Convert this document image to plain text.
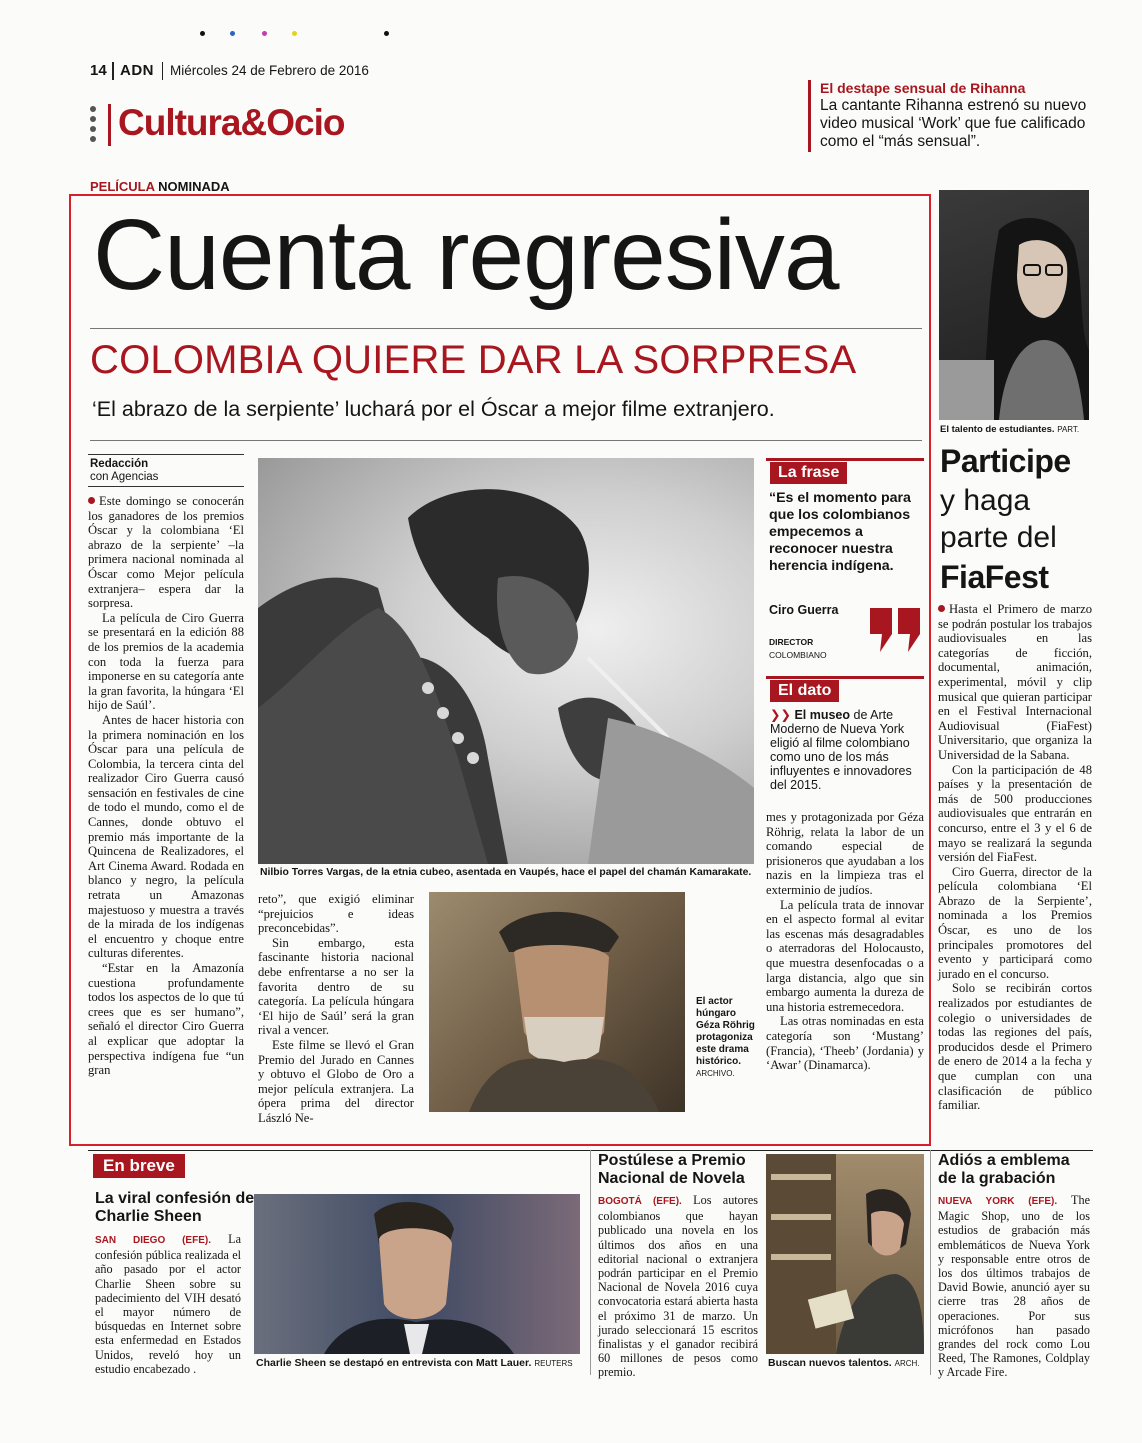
14 ADN Miércoles 24 de Febrero de 2016
Cultura&Ocio
El destape sensual de Rihanna
La cantante Rihanna estrenó su nuevo video musical ‘Work’ que fue calificado como el “más sensual”.
PELÍCULA NOMINADA
Cuenta regresiva
COLOMBIA QUIERE DAR LA SORPRESA
‘El abrazo de la serpiente’ luchará por el Óscar a mejor filme extranjero.
Redacción
con Agencias

Este domingo se conocerán los ganadores de los premios Óscar y la colombiana ‘El abrazo de la serpiente’ –la primera nacional nominada al Óscar como Mejor película extranjera– espera dar la sorpresa.

La película de Ciro Guerra se presentará en la edición 88 de los premios de la academia con toda la fuerza para imponerse en su categoría ante la gran favorita, la húngara ‘El hijo de Saúl’.

Antes de hacer historia con la primera nominación en los Óscar para una película de Colombia, la tercera cinta del realizador Ciro Guerra causó sensación en festivales de cine de todo el mundo, como el de Cannes, donde obtuvo el premio más importante de la Quincena de Realizadores, el Art Cinema Award. Rodada en blanco y negro, la película retrata un Amazonas majestuoso y muestra a través de la mirada de los indígenas el encuentro y choque entre culturas diferentes.

“Estar en la Amazonía cuestiona profundamente todos los aspectos de lo que tú crees que es ser humano”, señaló el director Ciro Guerra al explicar que adoptar la perspectiva indígena fue “un gran

Nilbio Torres Vargas, de la etnia cubeo, asentada en Vaupés, hace el papel del chamán Kamarakate.

reto”, que exigió eliminar “prejuicios e ideas preconcebidas”.

Sin embargo, esta fascinante historia nacional debe enfrentarse a no ser la favorita dentro de su categoría. La película húngara ‘El hijo de Saúl’ será la gran rival a vencer.

Este filme se llevó el Gran Premio del Jurado en Cannes y obtuvo el Globo de Oro a mejor película extranjera. La ópera prima del director László Ne-

El actor húngaro Géza Röhrig protagoniza este drama histórico. ARCHIVO.

mes y protagonizada por Géza Röhrig, relata la labor de un comando especial de prisioneros que ayudaban a los nazis en la limpieza tras el exterminio de judíos.

La película trata de innovar en el aspecto formal al evitar las escenas más desagradables o aterradoras del Holocausto, que muestra desenfocadas o a larga distancia, algo que sin embargo aumenta la dureza de una historia estremecedora.

Las otras nominadas en esta categoría son ‘Mustang’ (Francia), ‘Theeb’ (Jordania) y ‘Awar’ (Dinamarca).

La frase
“Es el momento para que los colombianos empecemos a reconocer nuestra herencia indígena.
Ciro Guerra
DIRECTOR
COLOMBIANO
El dato
❯❯ El museo de Arte Moderno de Nueva York eligió al filme colombiano como uno de los más influyentes e innovadores del 2015.
El talento de estudiantes. PART.
Participe
y haga parte del
FiaFest

Hasta el Primero de marzo se podrán postular los trabajos audiovisuales en las categorías de ficción, documental, animación, experimental, móvil y clip musical que quieran participar en el Festival Internacional Audiovisual (FiaFest) Universitario, que organiza la Universidad de la Sabana.

Con la participación de 48 países y la presentación de más de 500 producciones audiovisuales que entrarán en concurso, entre el 3 y el 6 de mayo se realizará la segunda versión del FiaFest.

Ciro Guerra, director de la película colombiana ‘El Abrazo de la Serpiente’, nominada a los Premios Óscar, es uno de los principales promotores del evento y participará como jurado en el concurso.

Solo se recibirán cortos realizados por estudiantes de colegio o universidades de todas las regiones del país, producidos desde el Primero de enero de 2014 a la fecha y que cumplan con una clasificación de público familiar.

En breve
La viral confesión de Charlie Sheen

SAN DIEGO (EFE). La confesión pública realizada el año pasado por el actor Charlie Sheen sobre su padecimiento del VIH desató el mayor número de búsquedas en Internet sobre esta enfermedad en Estados Unidos, reveló hoy un estudio encabezado .	Charlie Sheen se destapó en entrevista con Matt Lauer. REUTERS
Postúlese a Premio Nacional de Novela

BOGOTÁ (EFE). Los autores colombianos que hayan publicado una novela en los últimos dos años en una editorial nacional o extranjera podrán participar en el Premio Nacional de Novela 2016 cuya convocatoria estará abierta hasta el próximo 31 de marzo. Un jurado seleccionará 15 escritos finalistas y el ganador recibirá 60 millones de pesos como premio.

Buscan nuevos talentos. ARCH.
Adiós a emblema de la grabación

NUEVA YORK (EFE). The Magic Shop, uno de los estudios de grabación más emblemáticos de Nueva York y responsable entre otros de los dos últimos trabajos de David Bowie, anunció ayer su cierre tras 28 años de operaciones. Por sus micrófonos han pasado grandes del rock como Lou Reed, The Ramones, Coldplay y Arcade Fire.
